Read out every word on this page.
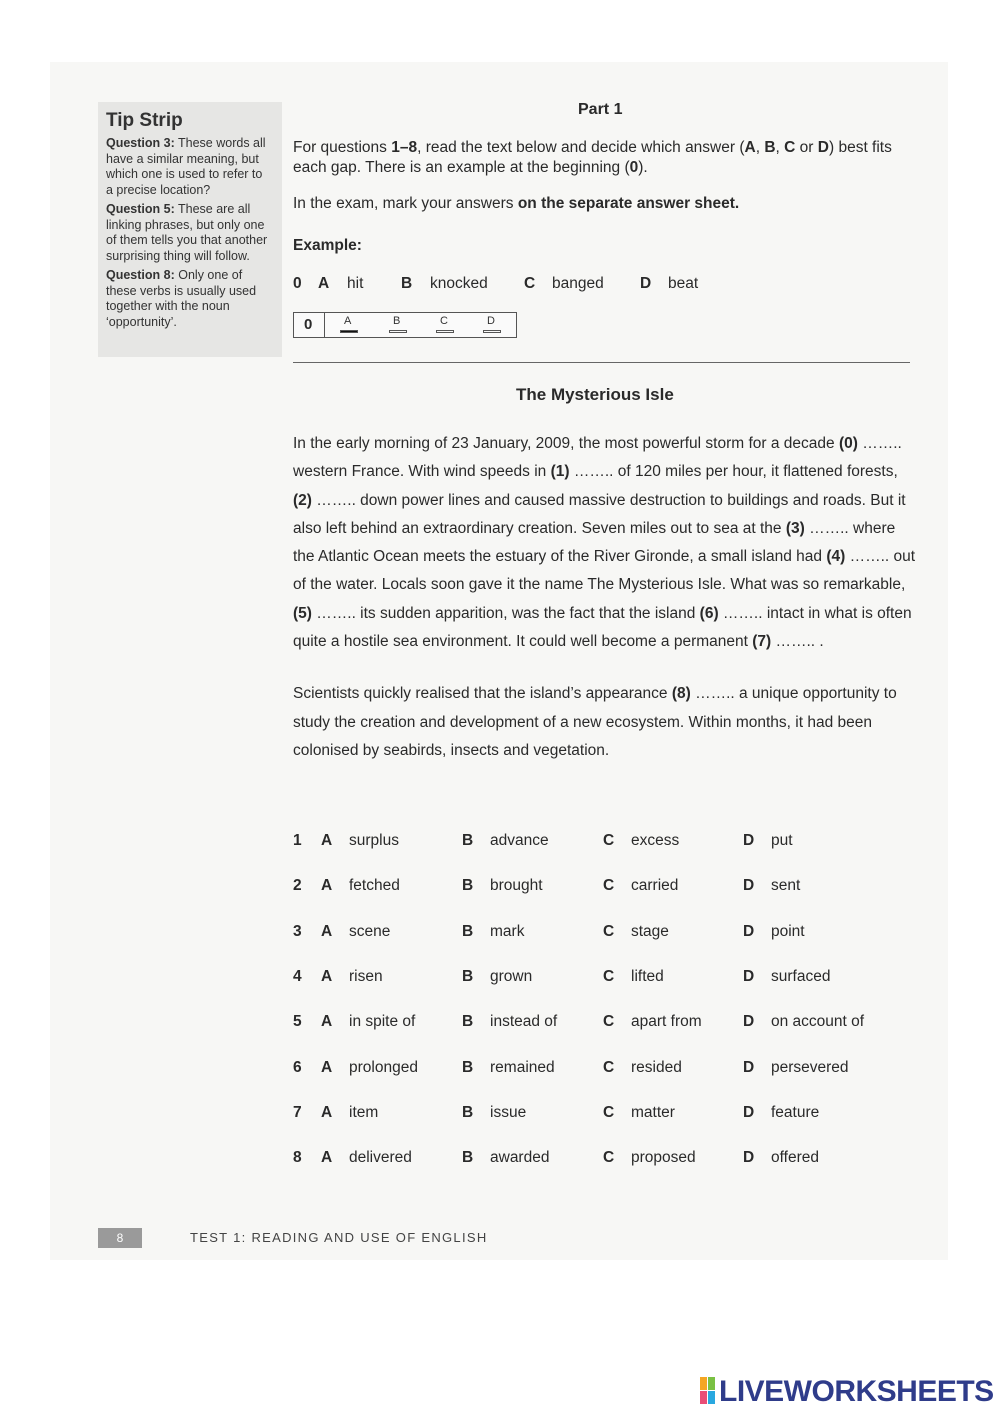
Tip Strip
Question 3: These words all have a similar meaning, but which one is used to refer to a precise location?
Question 5: These are all linking phrases, but only one of them tells you that another surprising thing will follow.
Question 8: Only one of these verbs is usually used together with the noun ‘opportunity’.
Part 1
For questions 1–8, read the text below and decide which answer (A, B, C or D) best fits each gap. There is an example at the beginning (0).
In the exam, mark your answers on the separate answer sheet.
Example:
0 A hit B knocked C banged D beat
0	A	B	C	D
The Mysterious Isle

In the early morning of 23 January, 2009, the most powerful storm for a decade (0) …….. western France. With wind speeds in (1) …….. of 120 miles per hour, it flattened forests, (2) …….. down power lines and caused massive destruction to buildings and roads. But it also left behind an extraordinary creation. Seven miles out to sea at the (3) …….. where the Atlantic Ocean meets the estuary of the River Gironde, a small island had (4) …….. out of the water. Locals soon gave it the name The Mysterious Isle. What was so remarkable, (5) …….. its sudden apparition, was the fact that the island (6) …….. intact in what is often quite a hostile sea environment. It could well become a permanent (7) …….. .

Scientists quickly realised that the island’s appearance (8) …….. a unique opportunity to study the creation and development of a new ecosystem. Within months, it had been colonised by seabirds, insects and vegetation.

1 A surplus	B advance	C excess	D put
2 A fetched	B brought	C carried	D sent
3 A scene	B mark	C stage	D point
4 A risen	B grown	C lifted	D surfaced
5 A in spite of	B instead of	C apart from	D on account of
6 A prolonged	B remained	C resided	D persevered
7 A item	B issue	C matter	D feature
8 A delivered	B awarded	C proposed	D offered
8	TEST 1: READING AND USE OF ENGLISH
LIVEWORKSHEETS
